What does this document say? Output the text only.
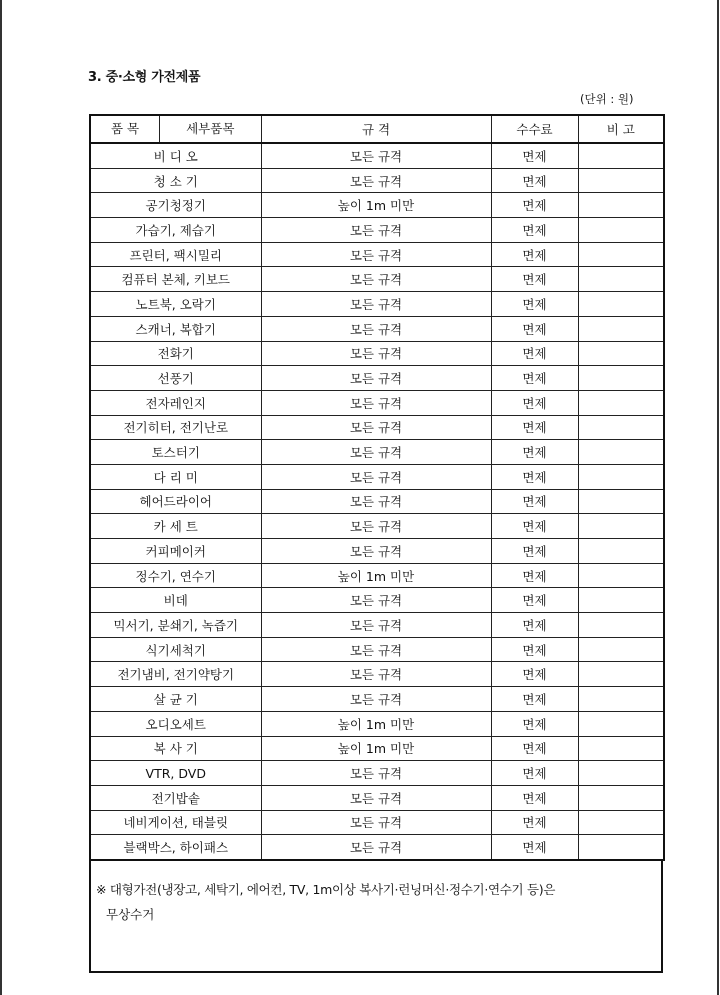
3. 중·소형 가전제품
(단위 : 원)
품 목 세부품목	규 격	수수료	비 고
비 디 오	모든 규격	면제	
청 소 기	모든 규격	면제	
공기청정기	높이 1m 미만	면제	
가습기, 제습기	모든 규격	면제	
프린터, 팩시밀리	모든 규격	면제	
컴퓨터 본체, 키보드	모든 규격	면제	
노트북, 오락기	모든 규격	면제	
스캐너, 복합기	모든 규격	면제	
전화기	모든 규격	면제	
선풍기	모든 규격	면제	
전자레인지	모든 규격	면제	
전기히터, 전기난로	모든 규격	면제	
토스터기	모든 규격	면제	
다 리 미	모든 규격	면제	
헤어드라이어	모든 규격	면제	
카 세 트	모든 규격	면제	
커피메이커	모든 규격	면제	
정수기, 연수기	높이 1m 미만	면제	
비데	모든 규격	면제	
믹서기, 분쇄기, 녹즙기	모든 규격	면제	
식기세척기	모든 규격	면제	
전기냄비, 전기약탕기	모든 규격	면제	
살 균 기	모든 규격	면제	
오디오세트	높이 1m 미만	면제	
복 사 기	높이 1m 미만	면제	
VTR, DVD	모든 규격	면제	
전기밥솥	모든 규격	면제	
네비게이션, 태블릿	모든 규격	면제	
블랙박스, 하이패스	모든 규격	면제	
※ 대형가전(냉장고, 세탁기, 에어컨, TV, 1m이상 복사기·런닝머신·정수기·연수기 등)은
무상수거
